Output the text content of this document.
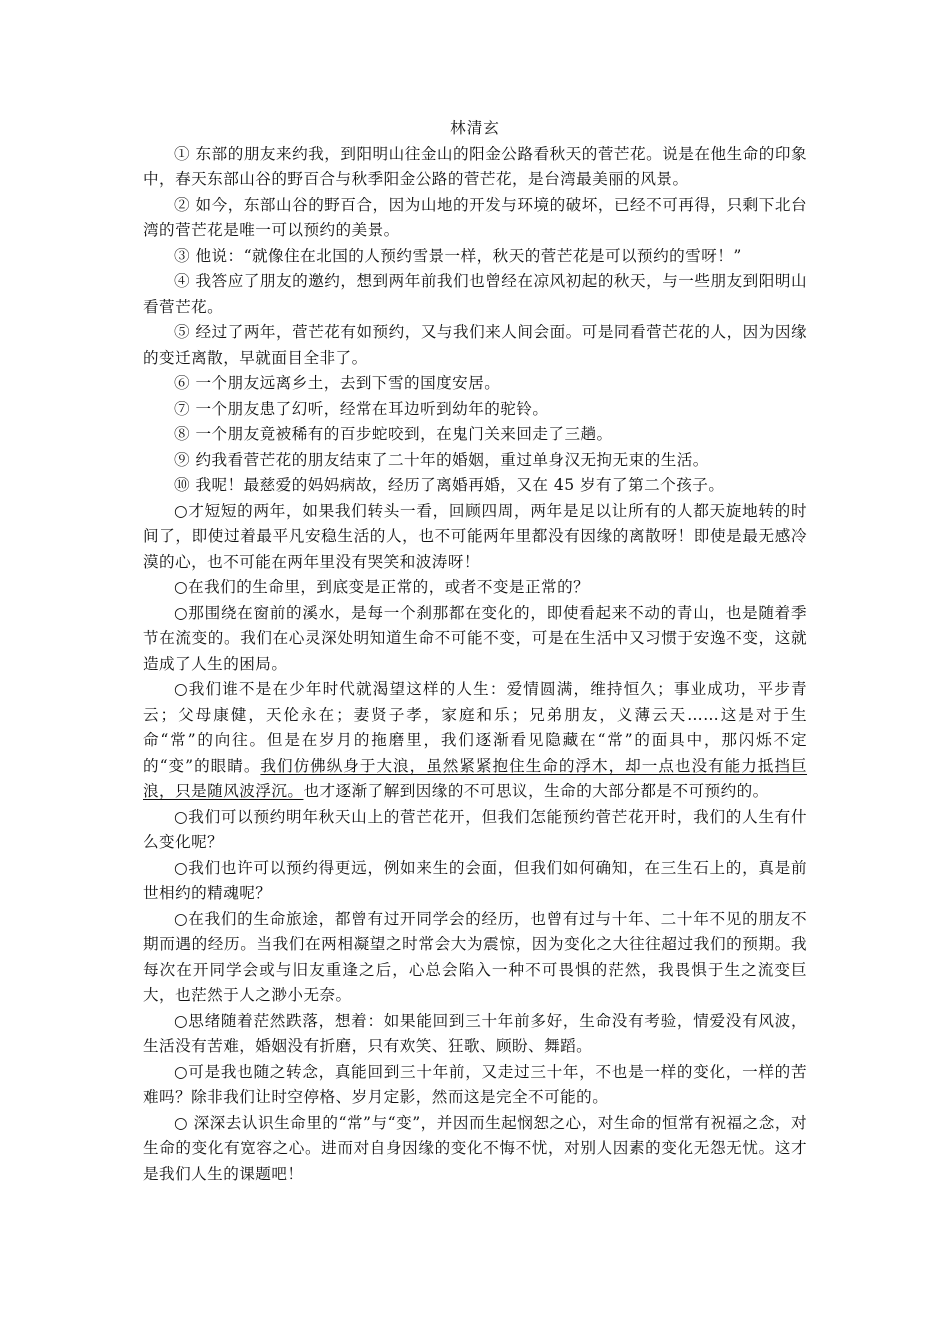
林清玄

① 东部的朋友来约我，到阳明山往金山的阳金公路看秋天的菅芒花。说是在他生命的印象中，春天东部山谷的野百合与秋季阳金公路的菅芒花，是台湾最美丽的风景。

② 如今，东部山谷的野百合，因为山地的开发与环境的破坏，已经不可再得，只剩下北台湾的菅芒花是唯一可以预约的美景。

③ 他说：“就像住在北国的人预约雪景一样，秋天的菅芒花是可以预约的雪呀！”

④ 我答应了朋友的邀约，想到两年前我们也曾经在凉风初起的秋天，与一些朋友到阳明山看菅芒花。

⑤ 经过了两年，菅芒花有如预约，又与我们来人间会面。可是同看菅芒花的人，因为因缘的变迁离散，早就面目全非了。

⑥ 一个朋友远离乡土，去到下雪的国度安居。

⑦ 一个朋友患了幻听，经常在耳边听到幼年的驼铃。

⑧ 一个朋友竟被稀有的百步蛇咬到，在鬼门关来回走了三趟。

⑨ 约我看菅芒花的朋友结束了二十年的婚姻，重过单身汉无拘无束的生活。

⑩ 我呢！最慈爱的妈妈病故，经历了离婚再婚，又在 45 岁有了第二个孩子。

○才短短的两年，如果我们转头一看，回顾四周，两年是足以让所有的人都天旋地转的时间了，即使过着最平凡安稳生活的人，也不可能两年里都没有因缘的离散呀！即使是最无感冷漠的心，也不可能在两年里没有哭笑和波涛呀！

○在我们的生命里，到底变是正常的，或者不变是正常的？

○那围绕在窗前的溪水，是每一个刹那都在变化的，即使看起来不动的青山，也是随着季节在流变的。我们在心灵深处明知道生命不可能不变，可是在生活中又习惯于安逸不变，这就造成了人生的困局。

○我们谁不是在少年时代就渴望这样的人生：爱情圆满，维持恒久；事业成功，平步青云；父母康健，天伦永在；妻贤子孝，家庭和乐；兄弟朋友，义薄云天……这是对于生命“常”的向往。但是在岁月的拖磨里，我们逐渐看见隐藏在“常”的面具中，那闪烁不定的“变”的眼睛。我们仿佛纵身于大浪，虽然紧紧抱住生命的浮木，却一点也没有能力抵挡巨浪，只是随风波浮沉。也才逐渐了解到因缘的不可思议，生命的大部分都是不可预约的。

○我们可以预约明年秋天山上的菅芒花开，但我们怎能预约菅芒花开时，我们的人生有什么变化呢？

○我们也许可以预约得更远，例如来生的会面，但我们如何确知，在三生石上的，真是前世相约的精魂呢？

○在我们的生命旅途，都曾有过开同学会的经历，也曾有过与十年、二十年不见的朋友不期而遇的经历。当我们在两相凝望之时常会大为震惊，因为变化之大往往超过我们的预期。我每次在开同学会或与旧友重逢之后，心总会陷入一种不可畏惧的茫然，我畏惧于生之流变巨大，也茫然于人之渺小无奈。

○思绪随着茫然跌落，想着：如果能回到三十年前多好，生命没有考验，情爱没有风波，生活没有苦难，婚姻没有折磨，只有欢笑、狂歌、顾盼、舞蹈。

○可是我也随之转念，真能回到三十年前，又走过三十年，不也是一样的变化，一样的苦难吗？除非我们让时空停格、岁月定影，然而这是完全不可能的。

○ 深深去认识生命里的“常”与“变”，并因而生起悯恕之心，对生命的恒常有祝福之念，对生命的变化有宽容之心。进而对自身因缘的变化不悔不忧，对别人因素的变化无怨无忧。这才是我们人生的课题吧！
